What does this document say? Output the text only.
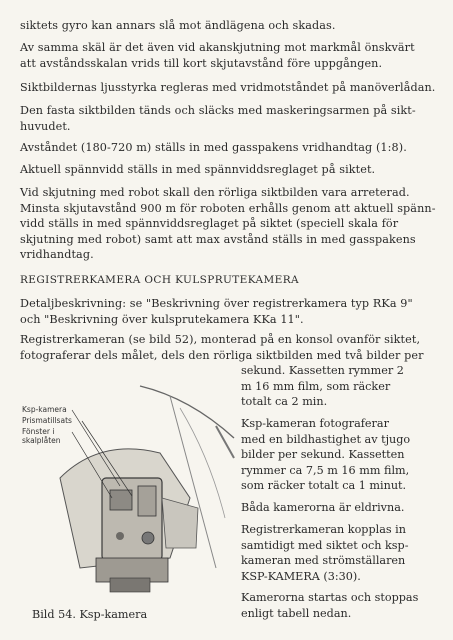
siktets gyro kan annars slå mot ändlägena och skadas.
Av samma skäl är det även vid akanskjutning mot markmål önskvärt
att avståndsskalan vrids till kort skjutavstånd före uppgången.
Siktbildernas ljusstyrka regleras med vridmotståndet på manöverlådan.
Den fasta siktbilden tänds och släcks med maskeringsarmen på sikt-
huvudet.
Avståndet (180-720 m) ställs in med gasspakens vridhandtag (1:8).
Aktuell spännvidd ställs in med spännviddsreglaget på siktet.
Vid skjutning med robot skall den rörliga siktbilden vara arreterad.
Minsta skjutavstånd 900 m för roboten erhålls genom att aktuell spänn-
vidd ställs in med spännviddsreglaget på siktet (speciell skala för
skjutning med robot) samt att max avstånd ställs in med gasspakens
vridhandtag.
REGISTRERKAMERA OCH KULSPRUTEKAMERA
Detaljbeskrivning: se "Beskrivning över registrerkamera typ RKa 9"
och "Beskrivning över kulsprutekamera KKa 11".
Registrerkameran (se bild 52), monterad på en konsol ovanför siktet,
fotograferar dels målet, dels den rörliga siktbilden med två bilder per
sekund. Kassetten rymmer 2
m 16 mm film, som räcker
totalt ca 2 min.
Ksp-kameran fotograferar
med en bildhastighet av tjugo
bilder per sekund. Kassetten
rymmer ca 7,5 m 16 mm film,
som räcker totalt ca 1 minut.
Båda kamerorna är eldrivna.
Registrerkameran kopplas in
samtidigt med siktet och ksp-
kameran med strömställaren
KSP-KAMERA (3:30).
Kamerorna startas och stoppas
enligt tabell nedan.
Ksp-kamera
Prismatillsats
Fönster i
skalplåten
Bild 54. Ksp-kamera
